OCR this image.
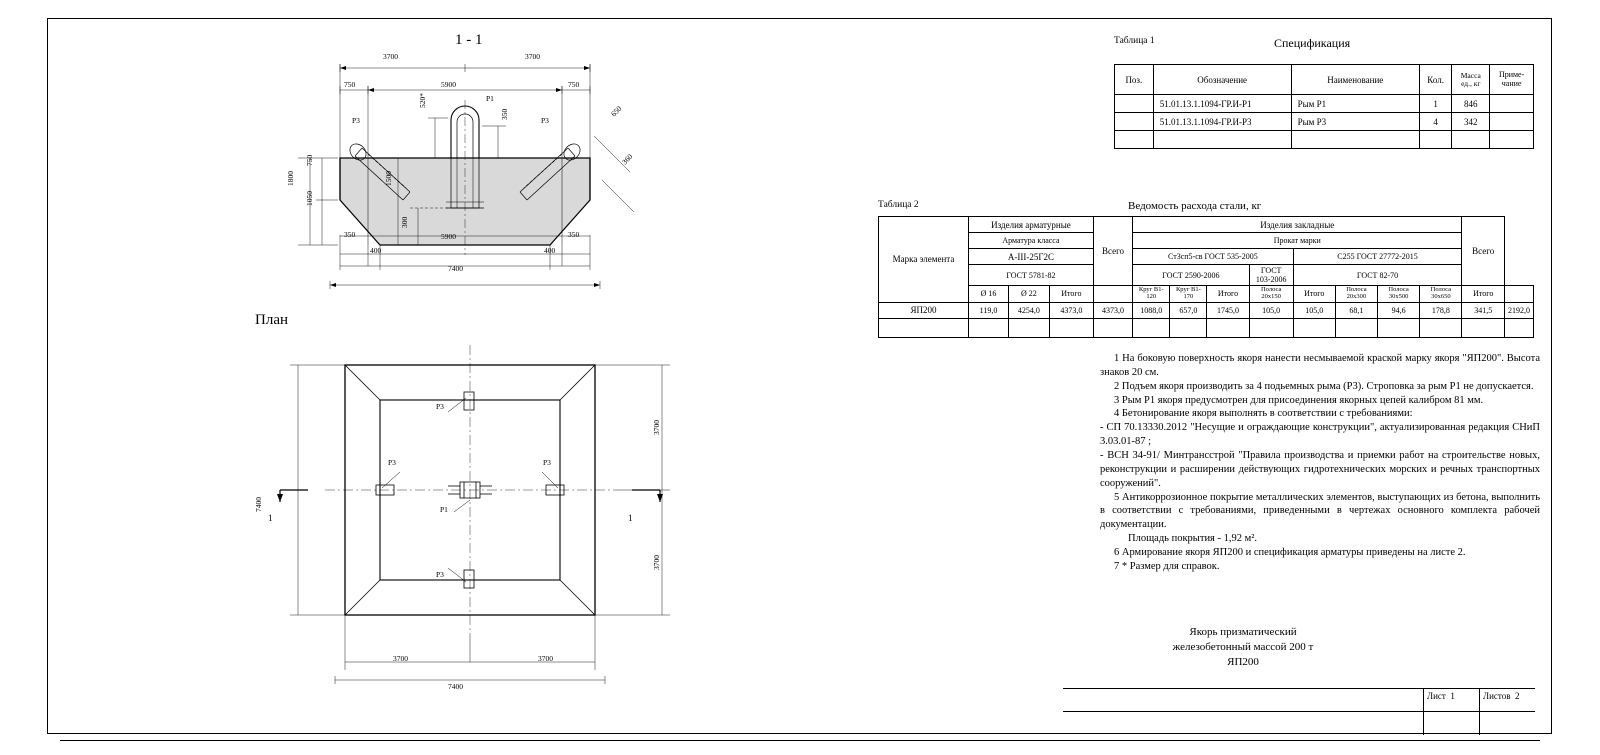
1 - 1
3700	3700
750	5900	750
520*	Р1
350
Р3	Р3
650
360
1800
750
1050
1500
300
350	5900	350
400	400
7400
План
Р3
Р3	Р3
Р3
Р1
1	1
7400
3700
3700
3700	3700
7400
Таблица 1	Спецификация
Поз.	Обозначение	Наименование	Кол.	Масса ед., кг	Приме- чание
	51.01.13.1.1094-ГР.И-Р1	Рым Р1	1	846	
	51.01.13.1.1094-ГР.И-Р3	Рым Р3	4	342	

Таблица 2	Ведомость расхода стали, кг
Марка элемента	Изделия арматурные			Всего	Изделия закладные								Всего	
	Арматура класса				Прокат марки									
	А-III-25Г2С				Ст3сп5-св ГОСТ 535-2005				С255 ГОСТ 27772-2015					
	ГОСТ 5781-82				ГОСТ 2590-2006			ГОСТ 103-2006	ГОСТ 82-70					
	Ø 16	Ø 22	Итого		Круг В1-120	Круг В1-170	Итого	Полоса 20х150	Итого	Полоса 20х300	Полоса 30х500	Полоса 30х650	Итого	
ЯП200	119,0	4254,0	4373,0	4373,0	1088,0	657,0	1745,0	105,0	105,0	68,1	94,6	178,8	341,5	2192,0

1 На боковую поверхность якоря нанести несмываемой краской марку якоря "ЯП200". Высота знаков 20 см.

2 Подъем якоря производить за 4 подьемных рыма (Р3). Строповка за рым Р1 не допускается.

3 Рым Р1 якоря предусмотрен для присоединения якорных цепей калибром 81 мм.

4 Бетонирование якоря выполнять в соответствии с требованиями:

- СП 70.13330.2012 "Несущие и ограждающие конструкции", актуализированная редакция СНиП 3.03.01-87 ;

- ВСН 34-91/ Минтрансстрой "Правила производства и приемки работ на строительстве новых, реконструкции и расширении действующих гидротехнических морских и речных транспортных сооружений".

5 Антикоррозионное покрытие металлических элементов, выступающих из бетона, выполнить в соответствии с требованиями, приведенными в чертежах основного комплекта рабочей документации.

Площадь покрытия - 1,92 м².

6 Армирование якоря ЯП200 и спецификация арматуры приведены на листе 2.

7 * Размер для справок.

Якорь призматический
железобетонный массой 200 т
ЯП200
Лист 1	Листов 2
